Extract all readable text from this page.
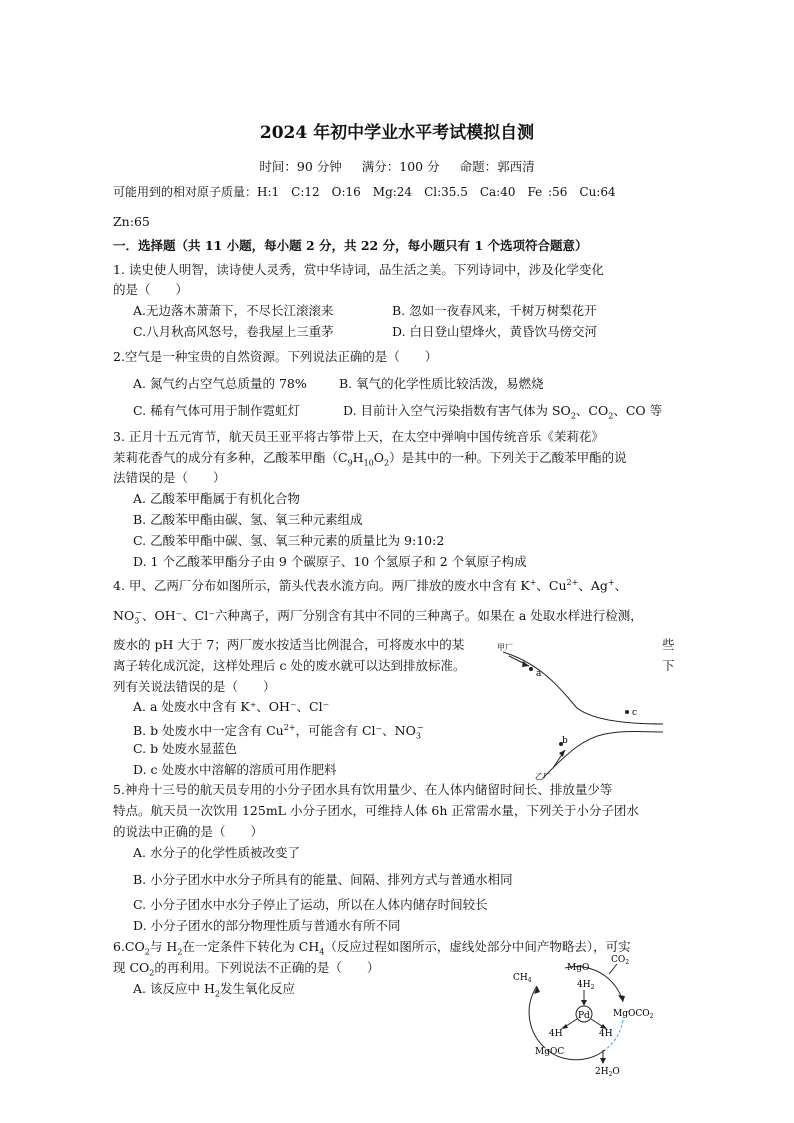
2024 年初中学业水平考试模拟自测
时间：90 分钟 满分：100 分 命题：郭西清
可能用到的相对原子质量：H:1　C:12　O:16　Mg:24　Cl:35.5　Ca:40　Fe :56　Cu:64
Zn:65
一．选择题（共 11 小题，每小题 2 分，共 22 分，每小题只有 1 个选项符合题意）
1. 读史使人明智，读诗使人灵秀，赏中华诗词，品生活之美。下列诗词中，涉及化学变化
的是（　　）
A.无边落木萧萧下，不尽长江滚滚来	B. 忽如一夜春风来，千树万树梨花开
C.八月秋高风怒号，卷我屋上三重茅	D. 白日登山望烽火，黄昏饮马傍交河
2.空气是一种宝贵的自然资源。下列说法正确的是（　　）
A. 氮气约占空气总质量的 78%	B. 氧气的化学性质比较活泼，易燃烧
C. 稀有气体可用于制作霓虹灯	D. 目前计入空气污染指数有害气体为 $SO_2$、$CO_2$、CO 等
3. 正月十五元宵节，航天员王亚平将古筝带上天，在太空中弹响中国传统音乐《茉莉花》
茉莉花香气的成分有多种，乙酸苯甲酯$(C_9H_{10}O_2)$是其中的一种。下列关于乙酸苯甲酯的说
法错误的是（　　）
A. 乙酸苯甲酯属于有机化合物
B. 乙酸苯甲酯由碳、氢、氧三种元素组成
C. 乙酸苯甲酯中碳、氢、氧三种元素的质量比为 9:10:2
D. 1 个乙酸苯甲酯分子由 9 个碳原子、10 个氢原子和 2 个氧原子构成
4. 甲、乙两厂分布如图所示，箭头代表水流方向。两厂排放的废水中含有 K+、$Cu^{2+}$、Ag+、
$NO_3^-$、OH⁻、Cl⁻六种离子，两厂分别含有其中不同的三种离子。如果在 a 处取水样进行检测，
废水的 pH 大于 7；两厂废水按适当比例混合，可将废水中的某	些
离子转化成沉淀，这样处理后 c 处的废水就可以达到排放标准。	下
列有关说法错误的是（　　）
A. a 处废水中含有 K⁺、OH⁻、Cl⁻
B. b 处废水中一定含有 $Cu^{2+}$，可能含有 Cl⁻、$NO_3^-$
C. b 处废水显蓝色
D. c 处废水中溶解的溶质可用作肥料
a
甲厂
b
乙厂
c
5.神舟十三号的航天员专用的小分子团水具有饮用量少、在人体内储留时间长、排放量少等
特点。航天员一次饮用 125mL 小分子团水，可维持人体 6h 正常需水量，下列关于小分子团水
的说法中正确的是（　　）
A. 水分子的化学性质被改变了
B. 小分子团水中水分子所具有的能量、间隔、排列方式与普通水相同
C. 小分子团水中水分子停止了运动，所以在人体内储存时间较长
D. 小分子团水的部分物理性质与普通水有所不同
$6.CO_2$与 $H_2$在一定条件下转化为 $CH_4$（反应过程如图所示，虚线处部分中间产物略去），可实
现 $CO_2$的再利用。下列说法不正确的是（　　）
A. 该反应中 $H_2$发生氧化反应
Pd
$CH_4$
$CO_2$
MgO
$4H_2$
MgOCO$_2$
4H	4H
MgOC
$2H_2O$
